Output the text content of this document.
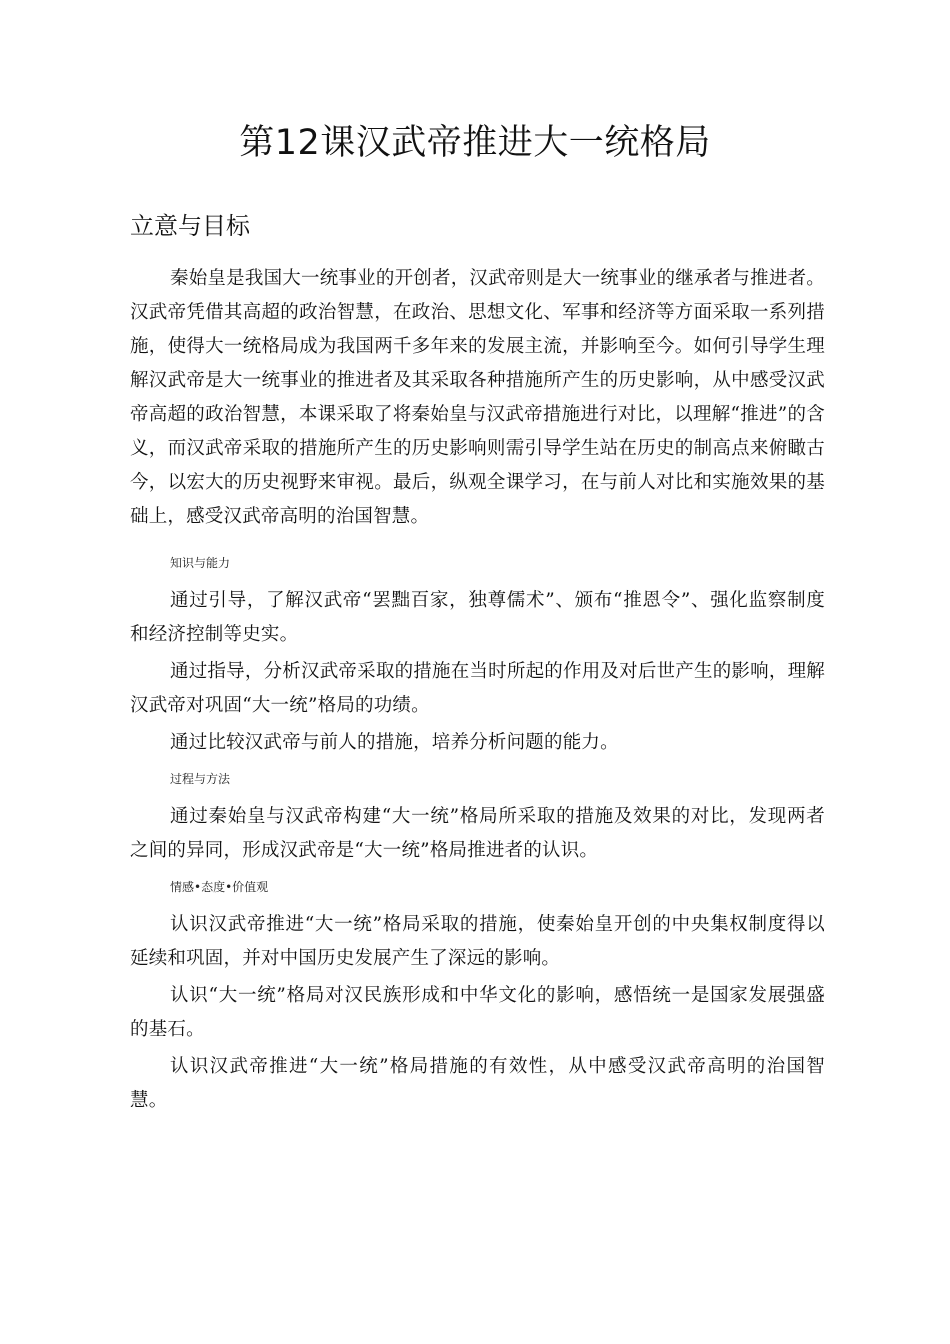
第12课汉武帝推进大一统格局
立意与目标

秦始皇是我国大一统事业的开创者，汉武帝则是大一统事业的继承者与推进者。汉武帝凭借其高超的政治智慧，在政治、思想文化、军事和经济等方面采取一系列措施，使得大一统格局成为我国两千多年来的发展主流，并影响至今。如何引导学生理解汉武帝是大一统事业的推进者及其采取各种措施所产生的历史影响，从中感受汉武帝高超的政治智慧，本课采取了将秦始皇与汉武帝措施进行对比，以理解“推进”的含义，而汉武帝采取的措施所产生的历史影响则需引导学生站在历史的制高点来俯瞰古今，以宏大的历史视野来审视。最后，纵观全课学习，在与前人对比和实施效果的基础上，感受汉武帝高明的治国智慧。

知识与能力

通过引导，了解汉武帝“罢黜百家，独尊儒术”、颁布“推恩令”、强化监察制度和经济控制等史实。

通过指导，分析汉武帝采取的措施在当时所起的作用及对后世产生的影响，理解汉武帝对巩固“大一统”格局的功绩。

通过比较汉武帝与前人的措施，培养分析问题的能力。

过程与方法

通过秦始皇与汉武帝构建“大一统”格局所采取的措施及效果的对比，发现两者之间的异同，形成汉武帝是“大一统”格局推进者的认识。

情感•态度•价值观

认识汉武帝推进“大一统”格局采取的措施，使秦始皇开创的中央集权制度得以延续和巩固，并对中国历史发展产生了深远的影响。

认识“大一统”格局对汉民族形成和中华文化的影响，感悟统一是国家发展强盛的基石。

认识汉武帝推进“大一统”格局措施的有效性，从中感受汉武帝高明的治国智慧。
